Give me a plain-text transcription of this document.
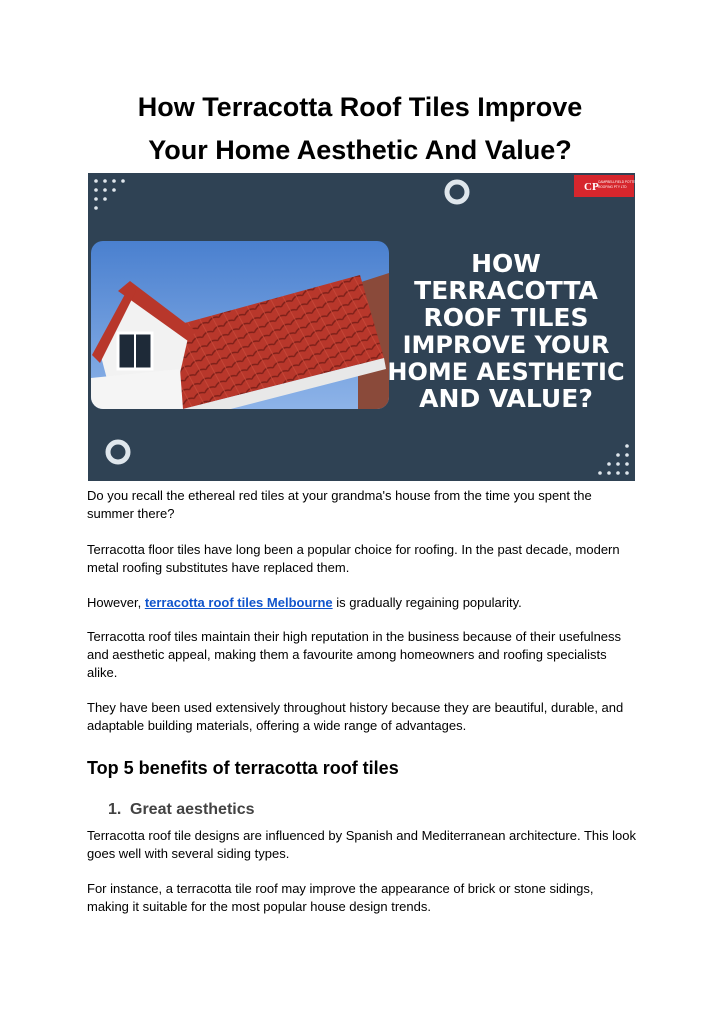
How Terracotta Roof Tiles Improve
Your Home Aesthetic And Value?
CP CAMPBELLFIELD POTTERY
ROOFING PTY LTD
HOW
TERRACOTTA
ROOF TILES
IMPROVE YOUR
HOME AESTHETIC
AND VALUE?
Do you recall the ethereal red tiles at your grandma's house from the time you spent the summer there?
Terracotta floor tiles have long been a popular choice for roofing. In the past decade, modern metal roofing substitutes have replaced them.
However, terracotta roof tiles Melbourne is gradually regaining popularity.
Terracotta roof tiles maintain their high reputation in the business because of their usefulness and aesthetic appeal, making them a favourite among homeowners and roofing specialists alike.
They have been used extensively throughout history because they are beautiful, durable, and adaptable building materials, offering a wide range of advantages.
Top 5 benefits of terracotta roof tiles
1. Great aesthetics
Terracotta roof tile designs are influenced by Spanish and Mediterranean architecture. This look goes well with several siding types.
For instance, a terracotta tile roof may improve the appearance of brick or stone sidings, making it suitable for the most popular house design trends.
